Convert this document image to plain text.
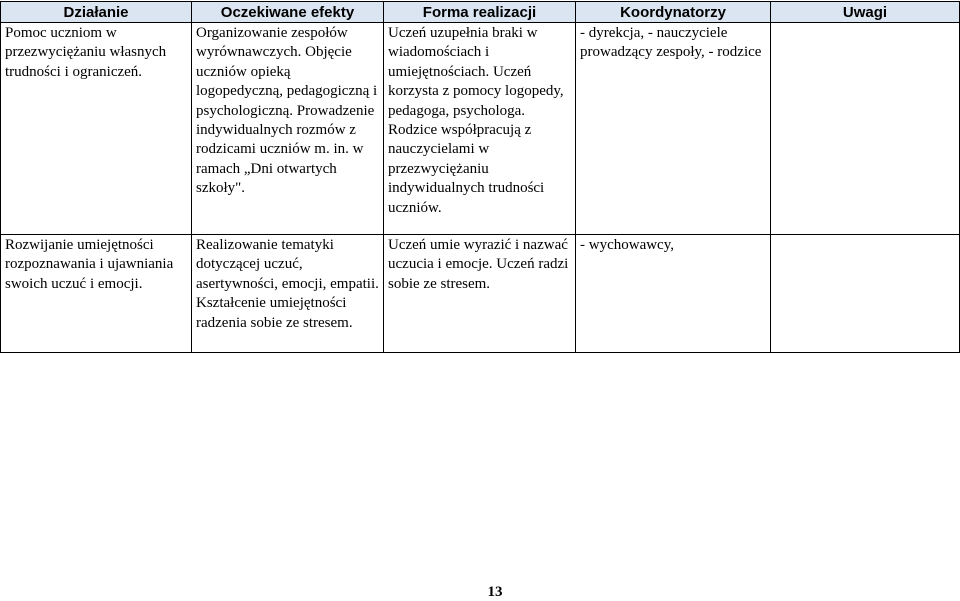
Działanie	Oczekiwane efekty	Forma realizacji	Koordynatorzy	Uwagi
Pomoc uczniom w przezwyciężaniu własnych trudności i ograniczeń.	Organizowanie zespołów wyrównawczych. Objęcie uczniów opieką logopedyczną, pedagogiczną i psychologiczną. Prowadzenie indywidualnych rozmów z rodzicami uczniów m. in. w ramach „Dni otwartych szkoły".	Uczeń uzupełnia braki w wiadomościach i umiejętnościach. Uczeń korzysta z pomocy logopedy, pedagoga, psychologa. Rodzice współpracują z nauczycielami w przezwyciężaniu indywidualnych trudności uczniów.	- dyrekcja, - nauczyciele prowadzący zespoły, - rodzice	
Rozwijanie umiejętności rozpoznawania i ujawniania swoich uczuć i emocji.	Realizowanie tematyki dotyczącej uczuć, asertywności, emocji, empatii. Kształcenie umiejętności radzenia sobie ze stresem.	Uczeń umie wyrazić i nazwać uczucia i emocje. Uczeń radzi sobie ze stresem.	- wychowawcy,	
13
